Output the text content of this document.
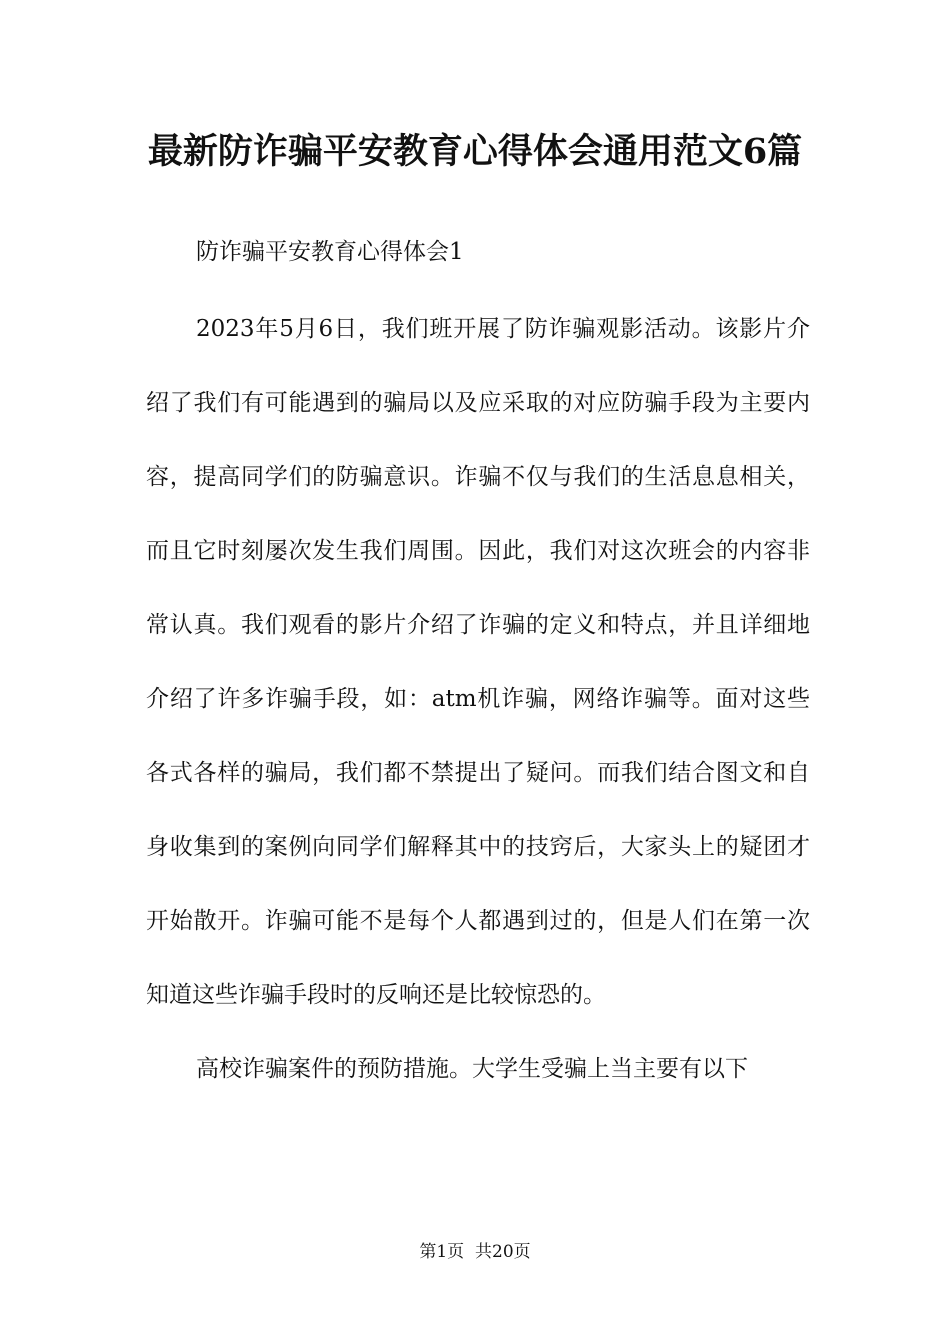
最新防诈骗平安教育心得体会通用范文6篇
防诈骗平安教育心得体会1

2023年5月6日，我们班开展了防诈骗观影活动。该影片介绍了我们有可能遇到的骗局以及应采取的对应防骗手段为主要内容，提高同学们的防骗意识。诈骗不仅与我们的生活息息相关，而且它时刻屡次发生我们周围。因此，我们对这次班会的内容非常认真。我们观看的影片介绍了诈骗的定义和特点，并且详细地介绍了许多诈骗手段，如：atm机诈骗，网络诈骗等。面对这些各式各样的骗局，我们都不禁提出了疑问。而我们结合图文和自身收集到的案例向同学们解释其中的技窍后，大家头上的疑团才开始散开。诈骗可能不是每个人都遇到过的，但是人们在第一次知道这些诈骗手段时的反响还是比较惊恐的。

高校诈骗案件的预防措施。大学生受骗上当主要有以下

第1页 共20页
